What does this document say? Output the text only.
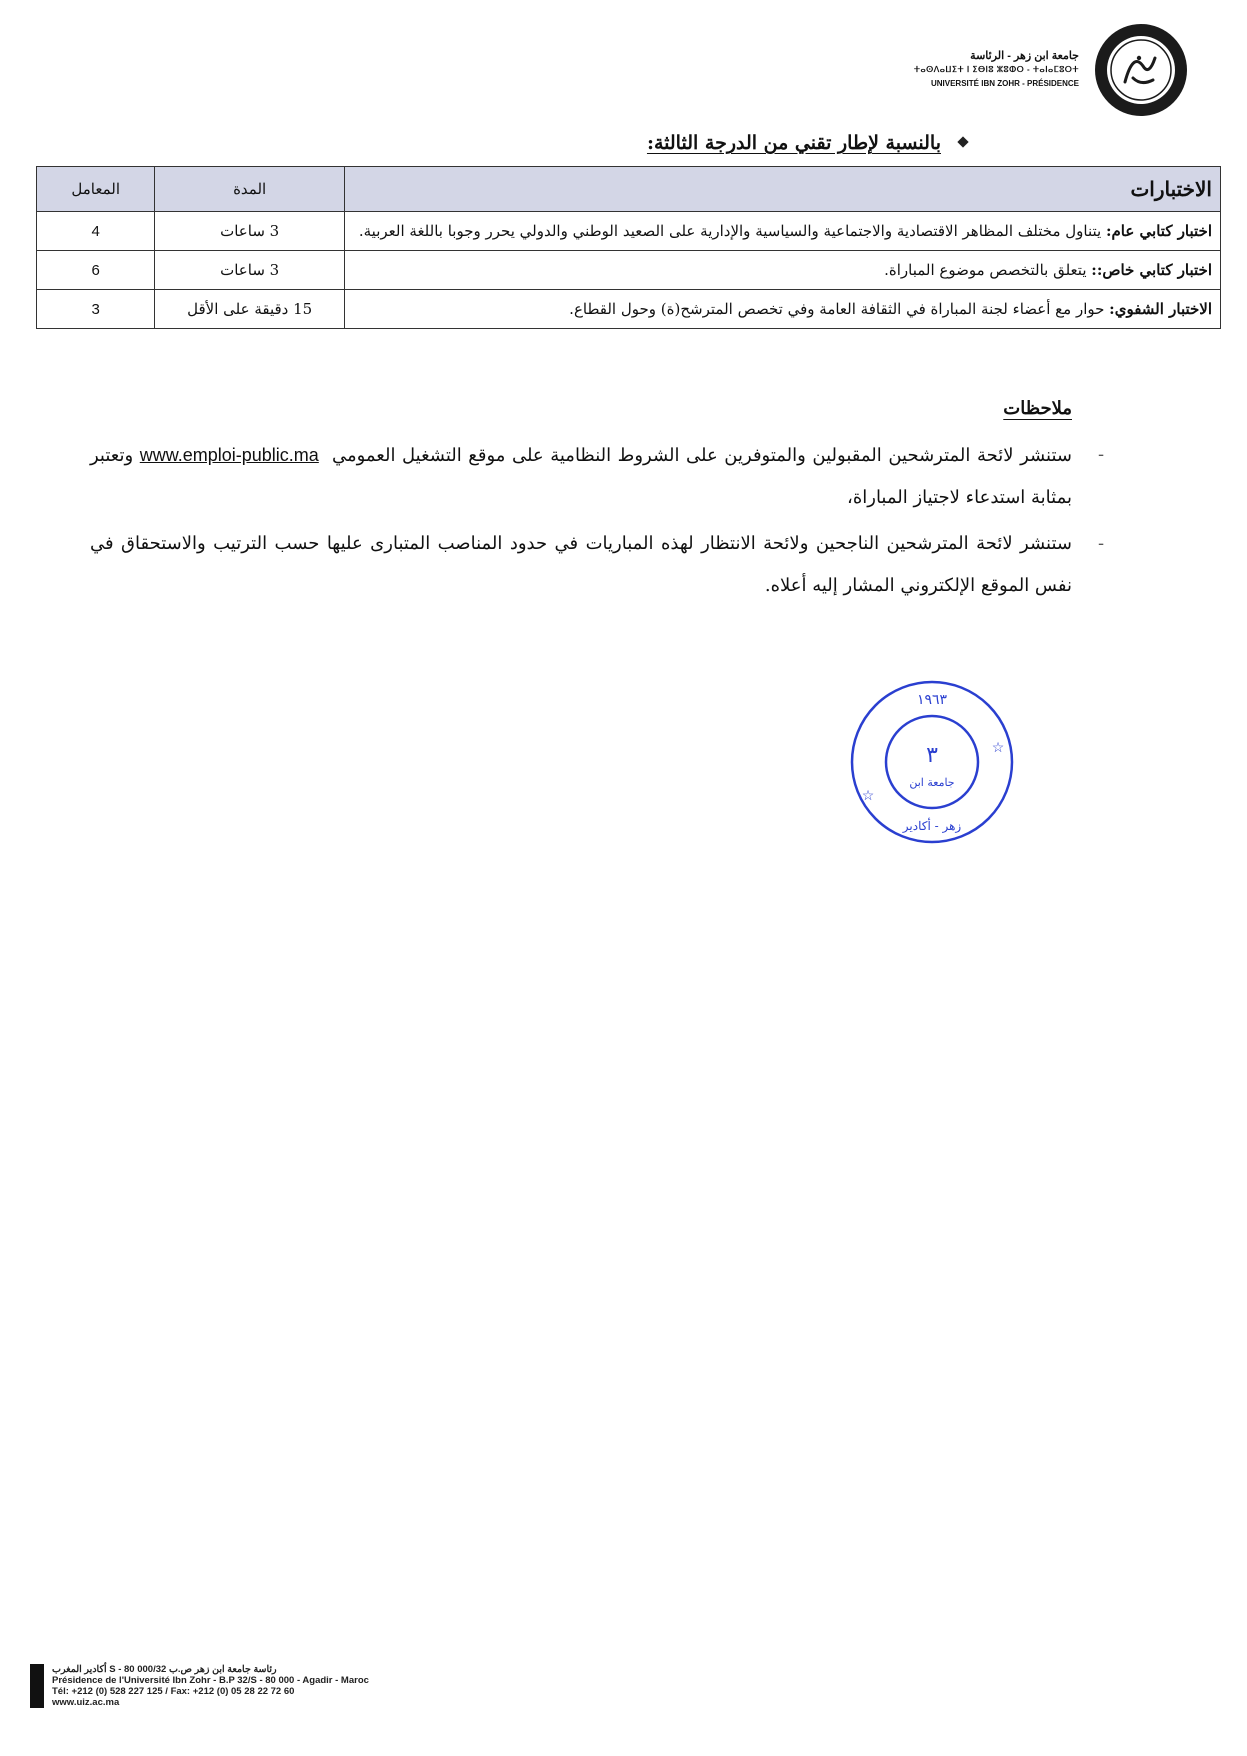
جامعة ابن زهر - الرئاسة
ⵜⴰⵙⴷⴰⵡⵉⵜ ⵏ ⵉⴱⵏⵓ ⵣⵓⵀⵔ - ⵜⴰⵏⴰⵎⵓⵔⵜ
UNIVERSITÉ IBN ZOHR - PRÉSIDENCE
بالنسبة لإطار تقني من الدرجة الثالثة:
الاختبارات	المدة	المعامل
اختبار كتابي عام: يتناول مختلف المظاهر الاقتصادية والاجتماعية والسياسية والإدارية على الصعيد الوطني والدولي يحرر وجوبا باللغة العربية.	3 ساعات	4
اختبار كتابي خاص:: يتعلق بالتخصص موضوع المباراة.	3 ساعات	6
الاختبار الشفوي: حوار مع أعضاء لجنة المباراة في الثقافة العامة وفي تخصص المترشح(ة) وحول القطاع.	15 دقيقة على الأقل	3
ملاحظات
-
ستنشر لائحة المترشحين المقبولين والمتوفرين على الشروط النظامية على موقع التشغيل العمومي  www.emploi-public.ma وتعتبر بمثابة استدعاء لاجتياز المباراة،
-
ستنشر لائحة المترشحين الناجحين ولائحة الانتظار لهذه المباريات في حدود المناصب المتبارى عليها حسب الترتيب والاستحقاق في نفس الموقع الإلكتروني المشار إليه أعلاه.
١٩٦٣
٣
جامعة ابن
زهر - أكادير
☆
☆
رئاسة جامعة ابن زهر ص.ب 32/S - 80 000 أكادير المغرب
Présidence de l'Université Ibn Zohr - B.P 32/S - 80 000 - Agadir - Maroc
Tél: +212 (0) 528 227 125 / Fax: +212 (0) 05 28 22 72 60
www.uiz.ac.ma
